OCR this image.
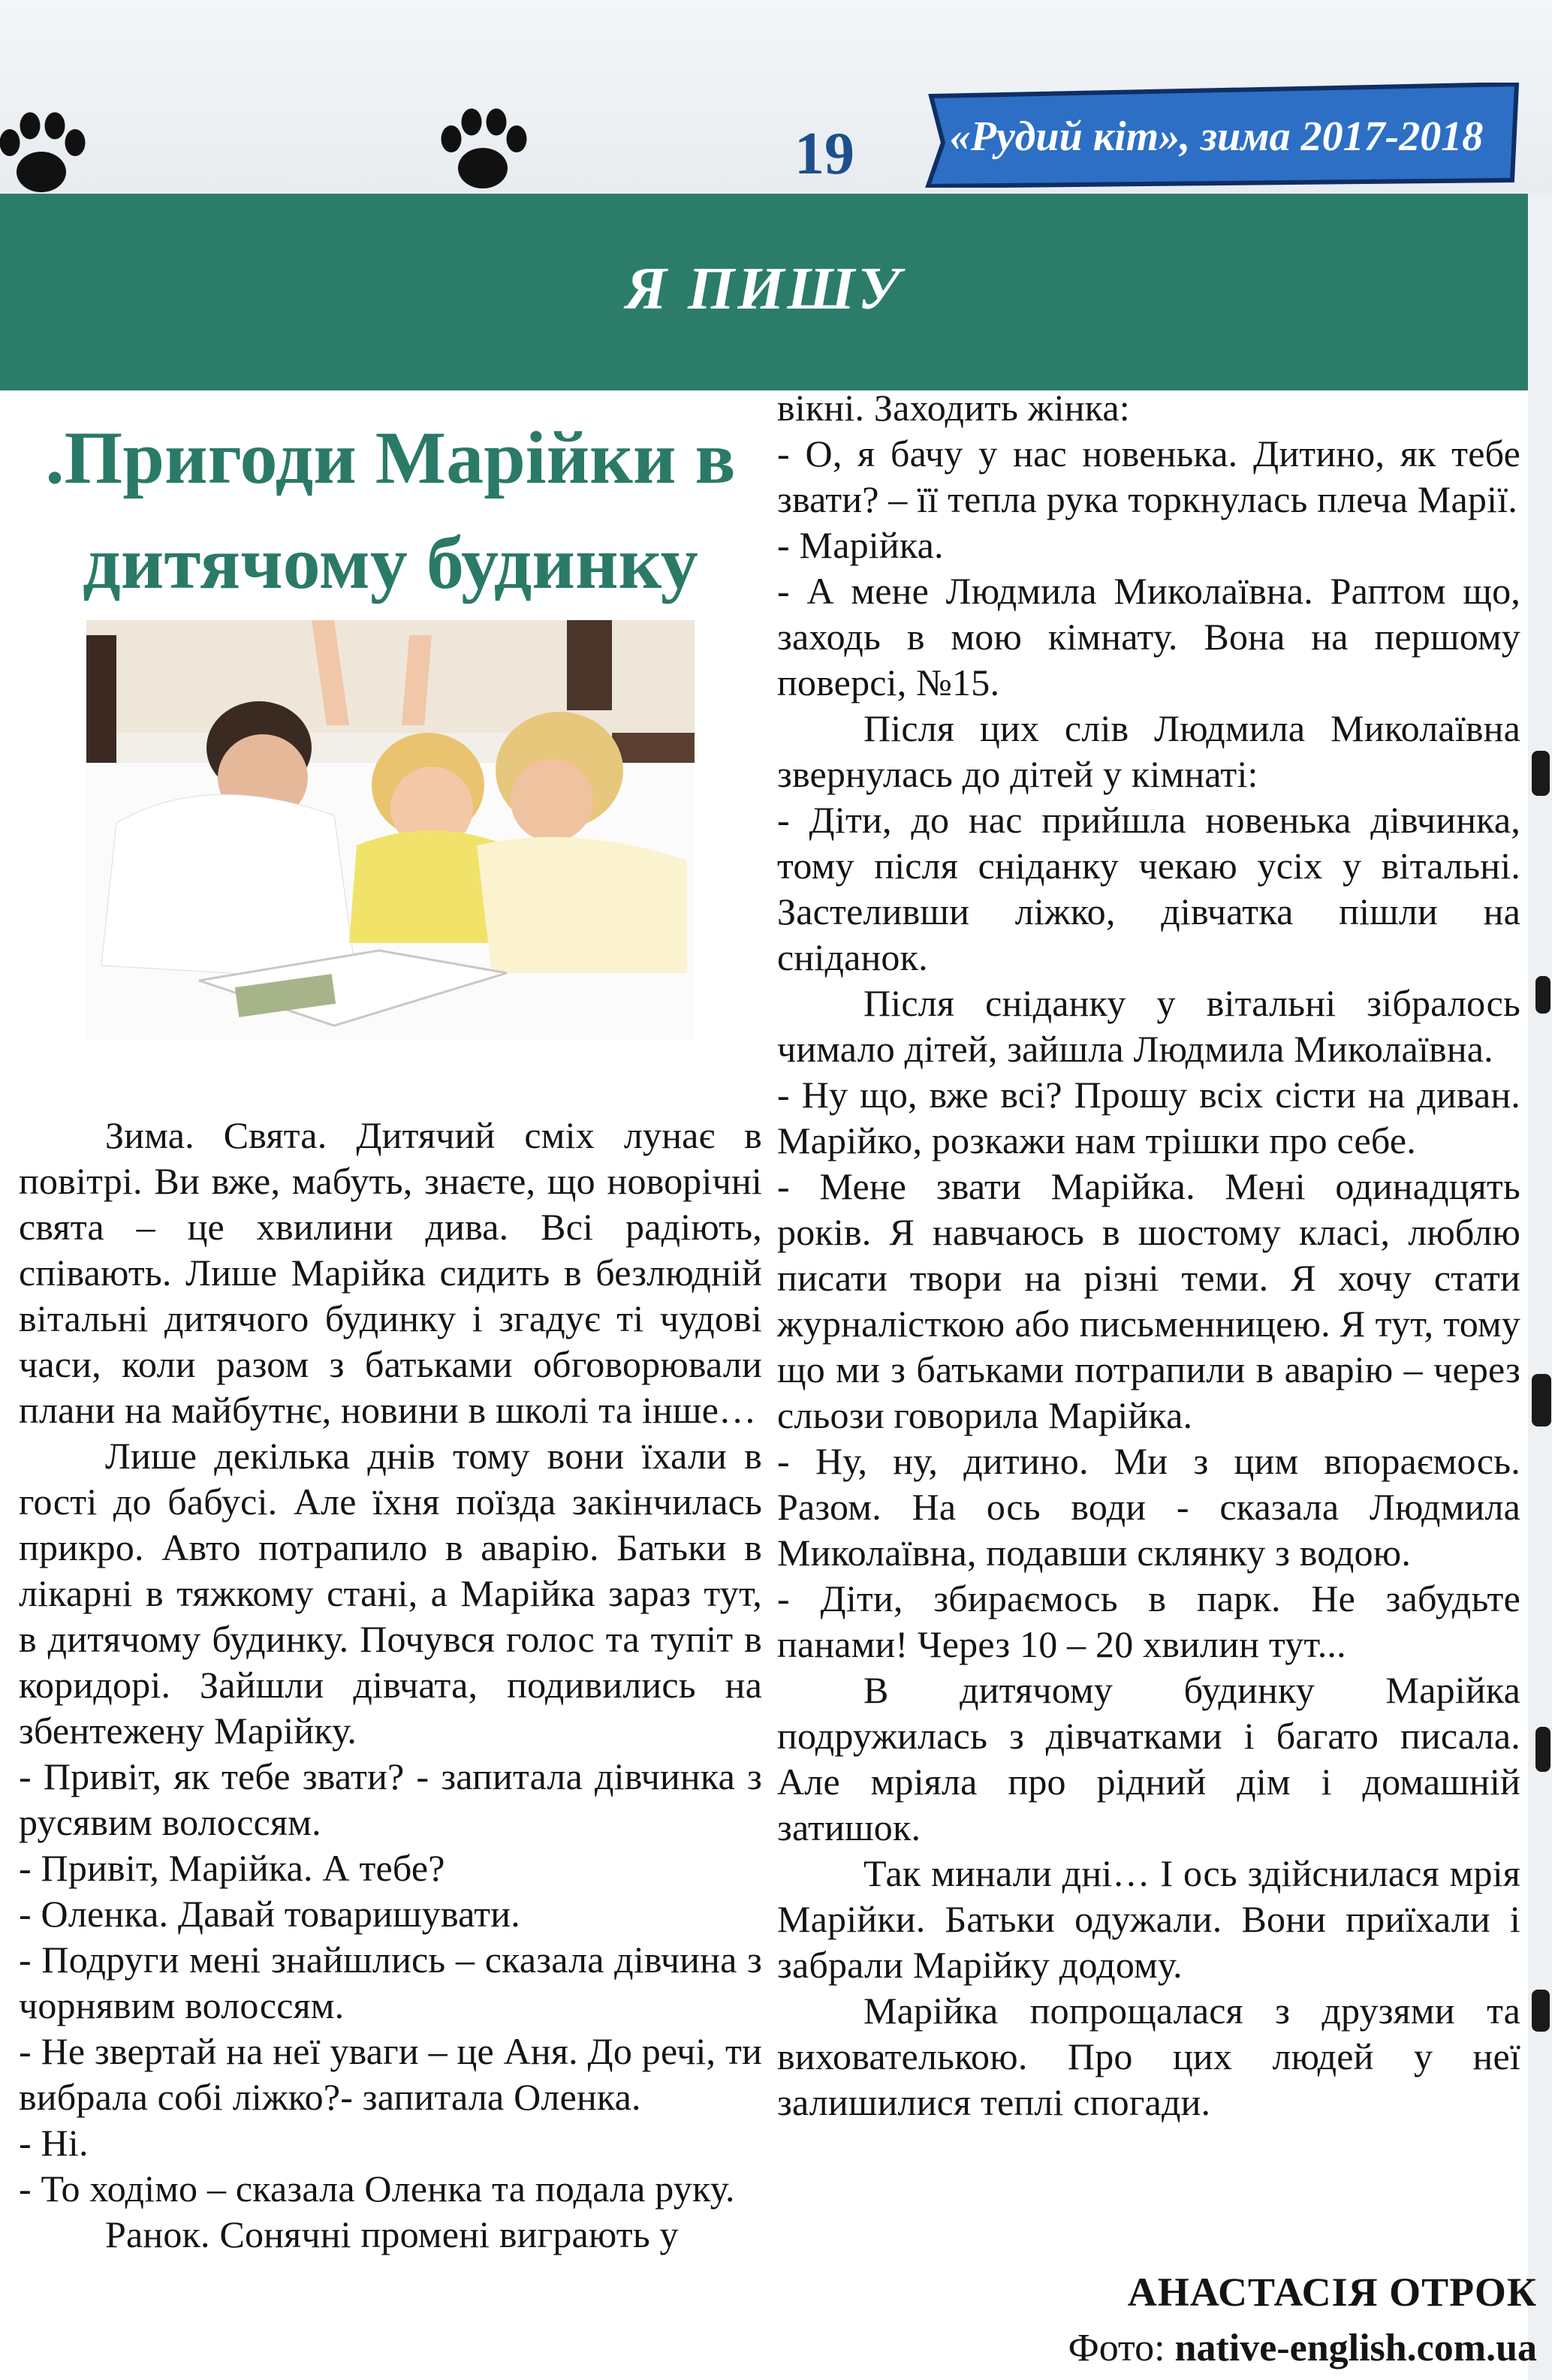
19	«Рудий кіт», зима 2017-2018
Я ПИШУ
.Пригоди Марійки в дитячому будинку

Зима. Свята. Дитячий сміх лунає в повітрі. Ви вже, мабуть, знаєте, що новорічні свята – це хвилини дива. Всі радіють, співають. Лише Марійка сидить в безлюдній вітальні дитячого будинку і згадує ті чудові часи, коли разом з батьками обговорювали плани на майбутнє, новини в школі та інше…

Лише декілька днів тому вони їхали в гості до бабусі. Але їхня поїзда закінчилась прикро. Авто потрапило в аварію. Батьки в лікарні в тяжкому стані, а Марійка зараз тут, в дитячому будинку. Почувся голос та тупіт в коридорі. Зайшли дівчата, подивились на збентежену Марійку.

- Привіт, як тебе звати? - запитала дівчинка з русявим волоссям.

- Привіт, Марійка. А тебе?

- Оленка. Давай товаришувати.

- Подруги мені знайшлись – сказала дівчина з чорнявим волоссям.

- Не звертай на неї уваги – це Аня. До речі, ти вибрала собі ліжко?- запитала Оленка.

- Ні.

- То ходімо – сказала Оленка та подала руку.

Ранок. Сонячні промені виграють у

вікні. Заходить жінка:

- О, я бачу у нас новенька. Дитино, як тебе звати? – її тепла рука торкнулась плеча Марії.

- Марійка.

- А мене Людмила Миколаївна. Раптом що, заходь в мою кімнату. Вона на першому поверсі, №15.

Після цих слів Людмила Миколаївна звернулась до дітей у кімнаті:

- Діти, до нас прийшла новенька дівчинка, тому після сніданку чекаю усіх у вітальні. Застеливши ліжко, дівчатка пішли на сніданок.

Після сніданку у вітальні зібралось чимало дітей, зайшла Людмила Миколаївна.

- Ну що, вже всі? Прошу всіх сісти на диван. Марійко, розкажи нам трішки про себе.

- Мене звати Марійка. Мені одинадцять років. Я навчаюсь в шостому класі, люблю писати твори на різні теми. Я хочу стати журналісткою або письменницею. Я тут, тому що ми з батьками потрапили в аварію – через сльози говорила Марійка.

- Ну, ну, дитино. Ми з цим впораємось. Разом. На ось води - сказала Людмила Миколаївна, подавши склянку з водою.

- Діти, збираємось в парк. Не забудьте панами! Через 10 – 20 хвилин тут...

В дитячому будинку Марійка подружилась з дівчатками і багато писала. Але мріяла про рідний дім і домашній затишок.

Так минали дні… І ось здійснилася мрія Марійки. Батьки одужали. Вони приїхали і забрали Марійку додому.

Марійка попрощалася з друзями та вихователькою. Про цих людей у неї залишилися теплі спогади.

АНАСТАСІЯ ОТРОК
Фото: native-english.com.ua
